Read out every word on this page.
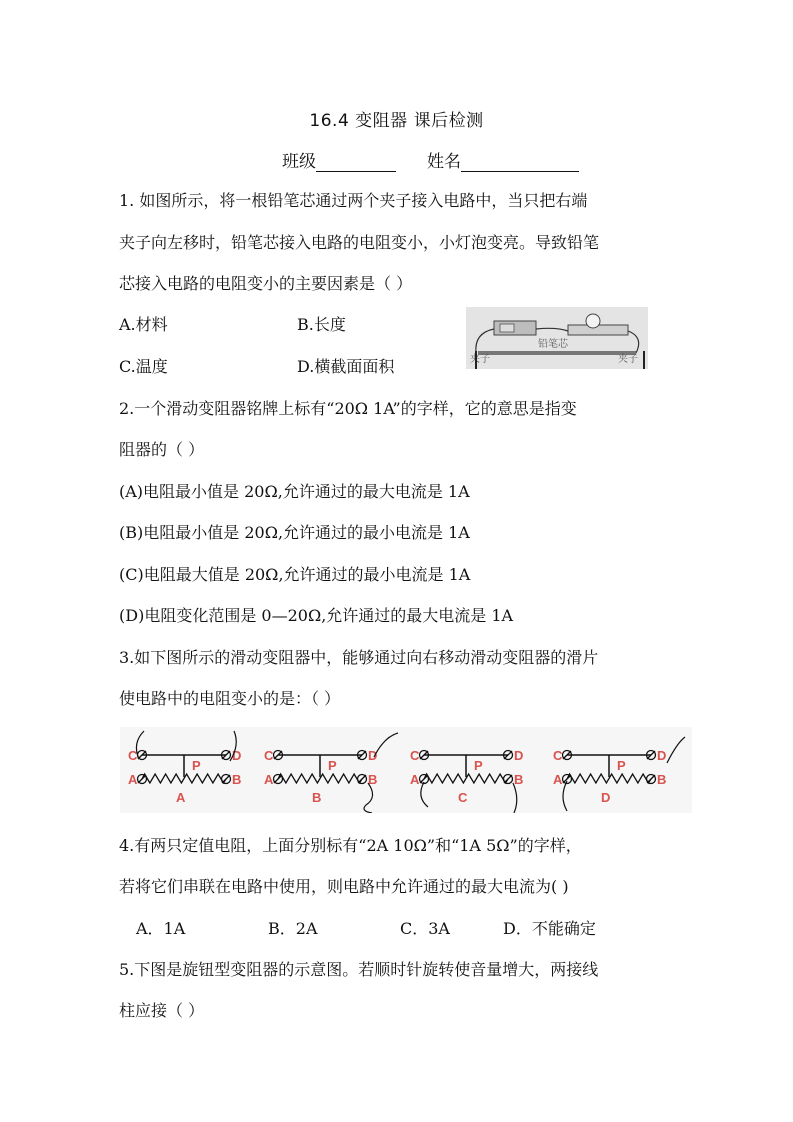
16.4 变阻器 课后检测
班级	姓名
1. 如图所示，将一根铅笔芯通过两个夹子接入电路中，当只把右端
夹子向左移时，铅笔芯接入电路的电阻变小，小灯泡变亮。导致铅笔
芯接入电路的电阻变小的主要因素是（ ）
A.材料	B.长度
C.温度	D.横截面面积	夹子
铅笔芯
夹子
2.一个滑动变阻器铭牌上标有“20Ω 1A”的字样，它的意思是指变
阻器的（ ）
(A)电阻最小值是 20Ω,允许通过的最大电流是 1A
(B)电阻最小值是 20Ω,允许通过的最小电流是 1A
(C)电阻最大值是 20Ω,允许通过的最小电流是 1A
(D)电阻变化范围是 0—20Ω,允许通过的最大电流是 1A
3.如下图所示的滑动变阻器中，能够通过向右移动滑动变阻器的滑片
使电路中的电阻变小的是：（ ）
C	D
A	B
P
A
C	D
A	B
P
B
C	D
A	B
P
C
C	D
A	B
P
D
4.有两只定值电阻，上面分别标有“2A 10Ω”和“1A 5Ω”的字样，
若将它们串联在电路中使用，则电路中允许通过的最大电流为( )
A．1A	B．2A	C．3A	D．不能确定
5.下图是旋钮型变阻器的示意图。若顺时针旋转使音量增大，两接线
柱应接（ ）
